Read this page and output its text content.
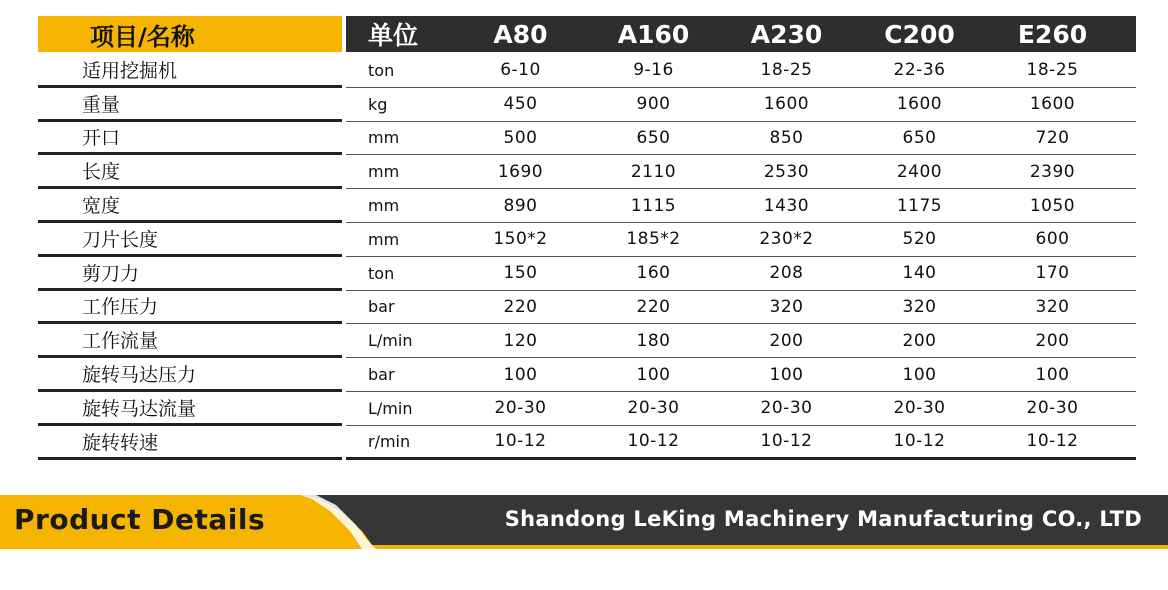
项目/名称	单位	A80	A160	A230	C200	E260
适用挖掘机	ton	6-10	9-16	18-25	22-36	18-25
重量	kg	450	900	1600	1600	1600
开口	mm	500	650	850	650	720
长度	mm	1690	2110	2530	2400	2390
宽度	mm	890	1115	1430	1175	1050
刀片长度	mm	150*2	185*2	230*2	520	600
剪刀力	ton	150	160	208	140	170
工作压力	bar	220	220	320	320	320
工作流量	L/min	120	180	200	200	200
旋转马达压力	bar	100	100	100	100	100
旋转马达流量	L/min	20-30	20-30	20-30	20-30	20-30
旋转转速	r/min	10-12	10-12	10-12	10-12	10-12
Product Details	Shandong LeKing Machinery Manufacturing CO., LTD
